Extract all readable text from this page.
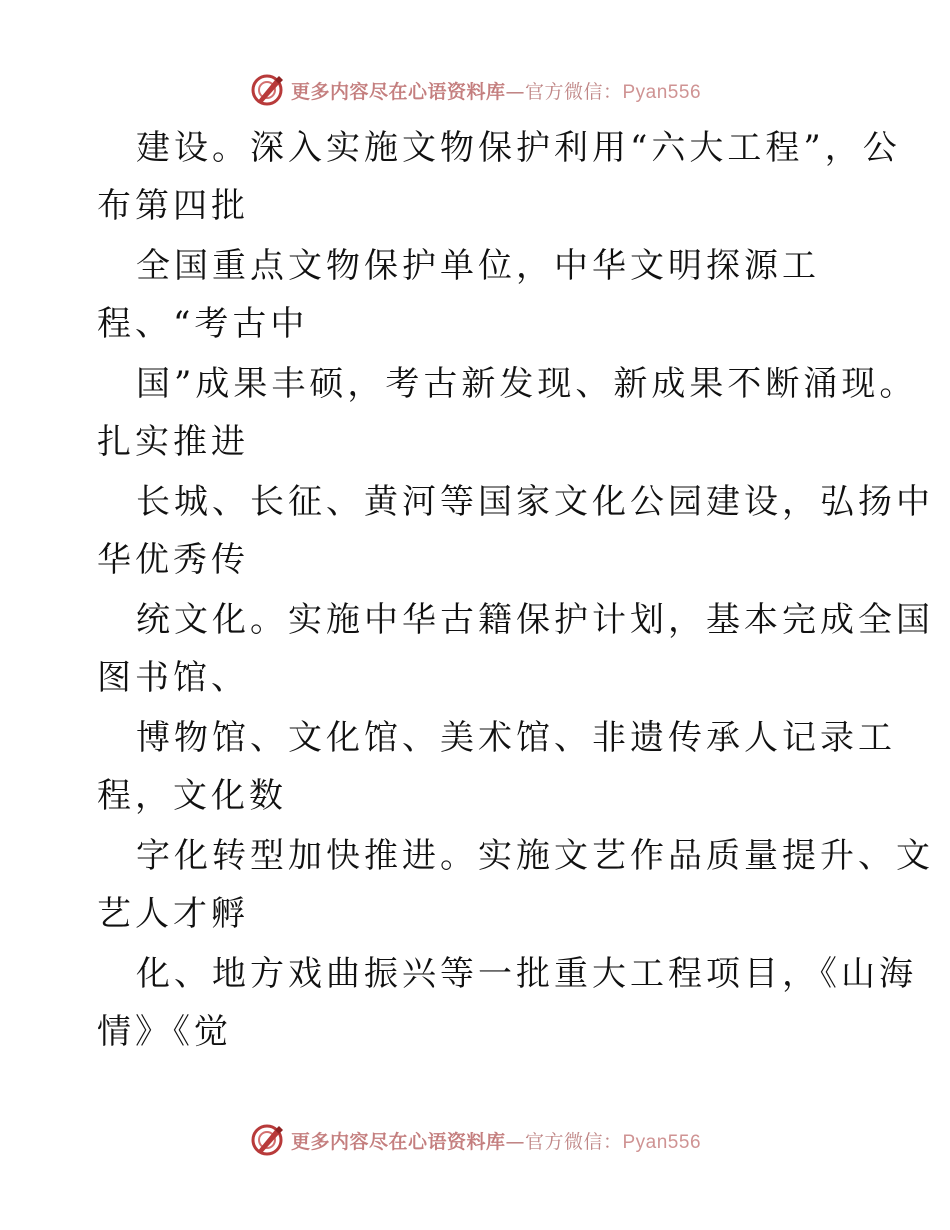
更多内容尽在心语资料库—官方微信：Pyan556
建设。深入实施文物保护利用“六大工程”，公
布第四批
全国重点文物保护单位，中华文明探源工
程、“考古中
国”成果丰硕，考古新发现、新成果不断涌现。
扎实推进
长城、长征、黄河等国家文化公园建设，弘扬中
华优秀传
统文化。实施中华古籍保护计划，基本完成全国
图书馆、
博物馆、文化馆、美术馆、非遗传承人记录工
程，文化数
字化转型加快推进。实施文艺作品质量提升、文
艺人才孵
化、地方戏曲振兴等一批重大工程项目，《山海
情》《觉
更多内容尽在心语资料库—官方微信：Pyan556
